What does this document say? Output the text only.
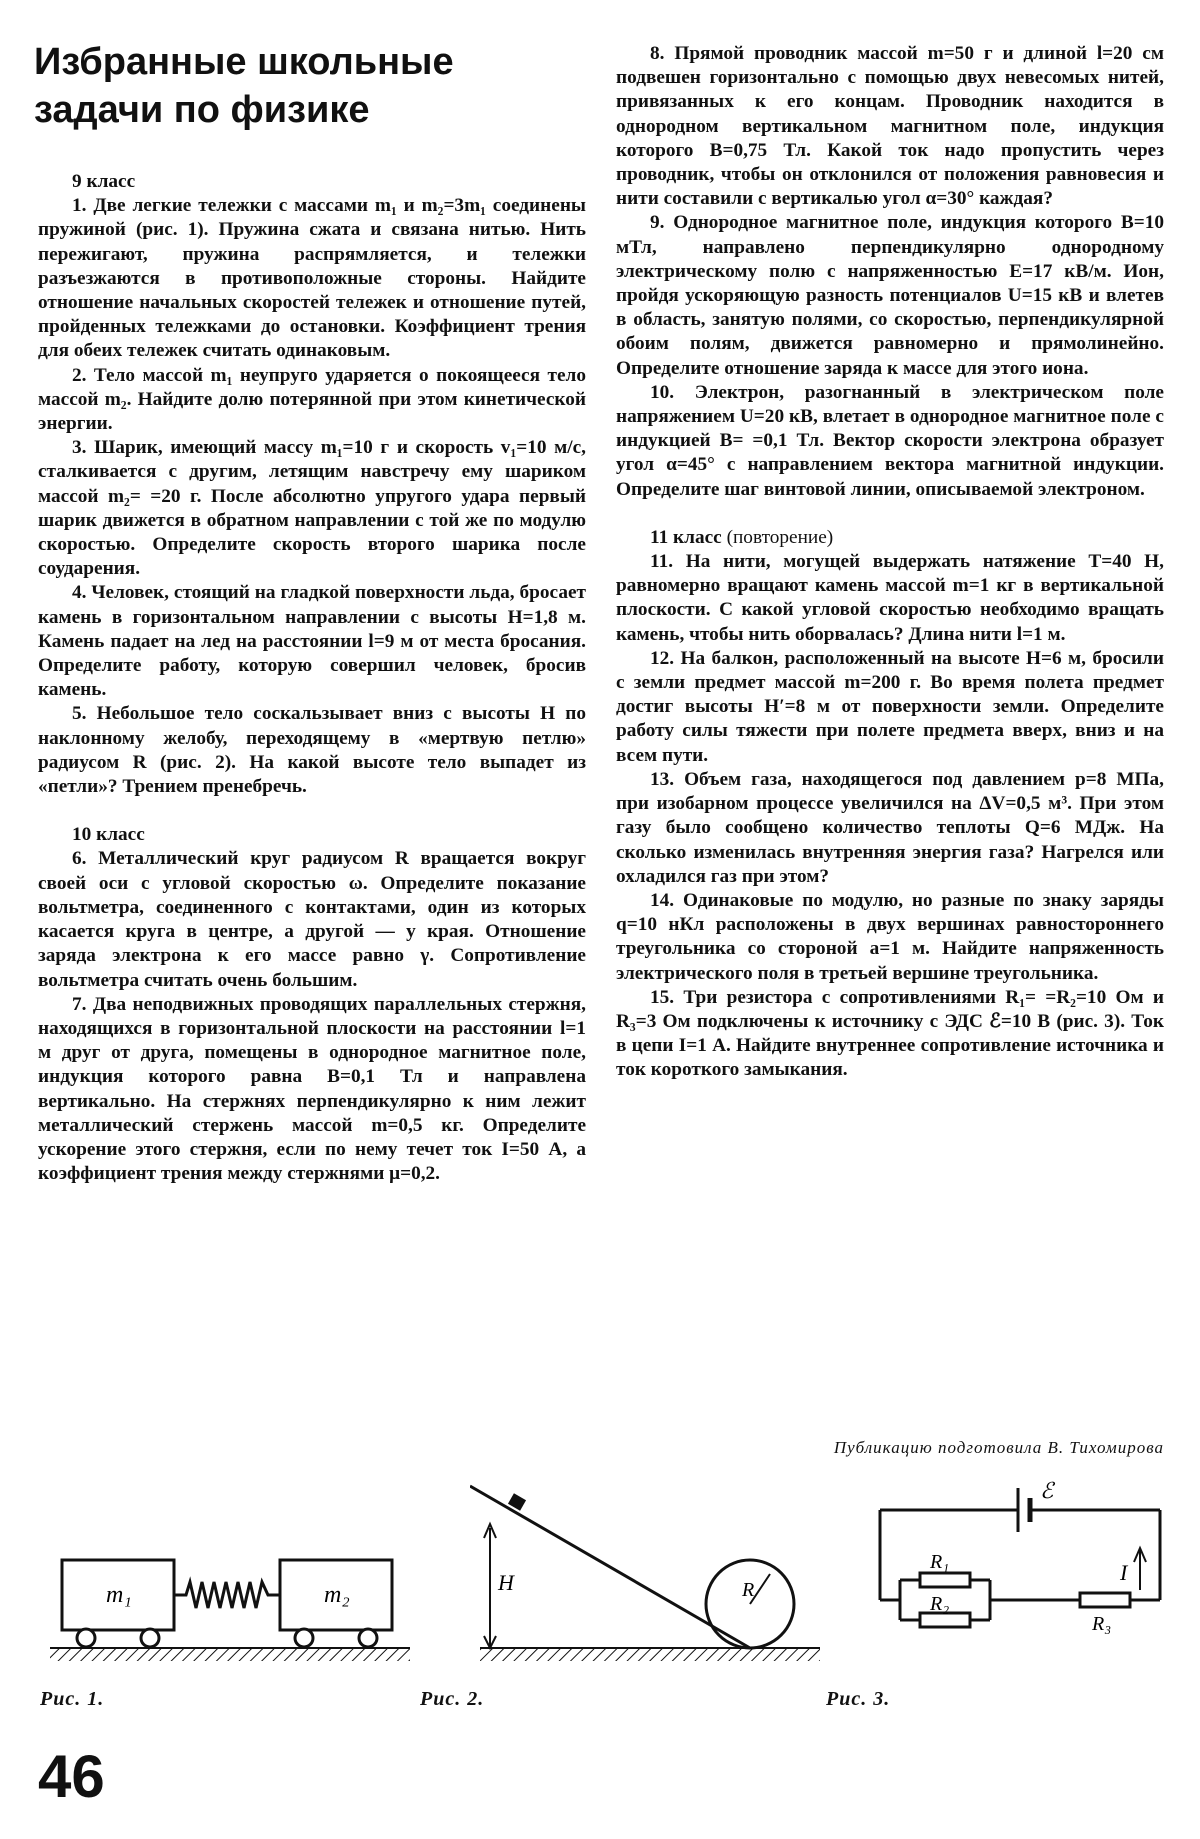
Избранные школьные задачи по физике
9 класс

1. Две легкие тележки с массами m₁ и m₂=3m₁ соединены пружиной (рис. 1). Пружина сжата и связана нитью. Нить пережигают, пружина распрямляется, и тележки разъезжаются в противоположные стороны. Найдите отношение начальных скоростей тележек и отношение путей, пройденных тележками до остановки. Коэффициент трения для обеих тележек считать одинаковым.

2. Тело массой m₁ неупруго ударяется о покоящееся тело массой m₂. Найдите долю потерянной при этом кинетической энергии.

3. Шарик, имеющий массу m₁=10 г и скорость v₁=10 м/с, сталкивается с другим, летящим навстречу ему шариком массой m₂= =20 г. После абсолютно упругого удара первый шарик движется в обратном направлении с той же по модулю скоростью. Определите скорость второго шарика после соударения.

4. Человек, стоящий на гладкой поверхности льда, бросает камень в горизонтальном направлении с высоты H=1,8 м. Камень падает на лед на расстоянии l=9 м от места бросания. Определите работу, которую совершил человек, бросив камень.

5. Небольшое тело соскальзывает вниз с высоты H по наклонному желобу, переходящему в «мертвую петлю» радиусом R (рис. 2). На какой высоте тело выпадет из «петли»? Трением пренебречь.

10 класс

6. Металлический круг радиусом R вращается вокруг своей оси с угловой скоростью ω. Определите показание вольтметра, соединенного с контактами, один из которых касается круга в центре, а другой — у края. Отношение заряда электрона к его массе равно γ. Сопротивление вольтметра считать очень большим.

7. Два неподвижных проводящих параллельных стержня, находящихся в горизонтальной плоскости на расстоянии l=1 м друг от друга, помещены в однородное магнитное поле, индукция которого равна B=0,1 Тл и направлена вертикально. На стержнях перпендикулярно к ним лежит металлический стержень массой m=0,5 кг. Определите ускорение этого стержня, если по нему течет ток I=50 А, а коэффициент трения между стержнями μ=0,2.

8. Прямой проводник массой m=50 г и длиной l=20 см подвешен горизонтально с помощью двух невесомых нитей, привязанных к его концам. Проводник находится в однородном вертикальном магнитном поле, индукция которого B=0,75 Тл. Какой ток надо пропустить через проводник, чтобы он отклонился от положения равновесия и нити составили с вертикалью угол α=30° каждая?

9. Однородное магнитное поле, индукция которого B=10 мТл, направлено перпендикулярно однородному электрическому полю с напряженностью E=17 кВ/м. Ион, пройдя ускоряющую разность потенциалов U=15 кВ и влетев в область, занятую полями, со скоростью, перпендикулярной обоим полям, движется равномерно и прямолинейно. Определите отношение заряда к массе для этого иона.

10. Электрон, разогнанный в электрическом поле напряжением U=20 кВ, влетает в однородное магнитное поле с индукцией B= =0,1 Тл. Вектор скорости электрона образует угол α=45° с направлением вектора магнитной индукции. Определите шаг винтовой линии, описываемой электроном.

11 класс (повторение)

11. На нити, могущей выдержать натяжение T=40 Н, равномерно вращают камень массой m=1 кг в вертикальной плоскости. С какой угловой скоростью необходимо вращать камень, чтобы нить оборвалась? Длина нити l=1 м.

12. На балкон, расположенный на высоте H=6 м, бросили с земли предмет массой m=200 г. Во время полета предмет достиг высоты H′=8 м от поверхности земли. Определите работу силы тяжести при полете предмета вверх, вниз и на всем пути.

13. Объем газа, находящегося под давлением p=8 МПа, при изобарном процессе увеличился на ΔV=0,5 м³. При этом газу было сообщено количество теплоты Q=6 МДж. На сколько изменилась внутренняя энергия газа? Нагрелся или охладился газ при этом?

14. Одинаковые по модулю, но разные по знаку заряды q=10 нКл расположены в двух вершинах равностороннего треугольника со стороной a=1 м. Найдите напряженность электрического поля в третьей вершине треугольника.

15. Три резистора с сопротивлениями R₁= =R₂=10 Ом и R₃=3 Ом подключены к источнику с ЭДС ℰ=10 В (рис. 3). Ток в цепи I=1 А. Найдите внутреннее сопротивление источника и ток короткого замыкания.

Публикацию подготовила В. Тихомирова
m₁	m₂	H	R
ℰ
I
R₁
R₂
R₃
Рис. 1.	Рис. 2.	Рис. 3.
46
